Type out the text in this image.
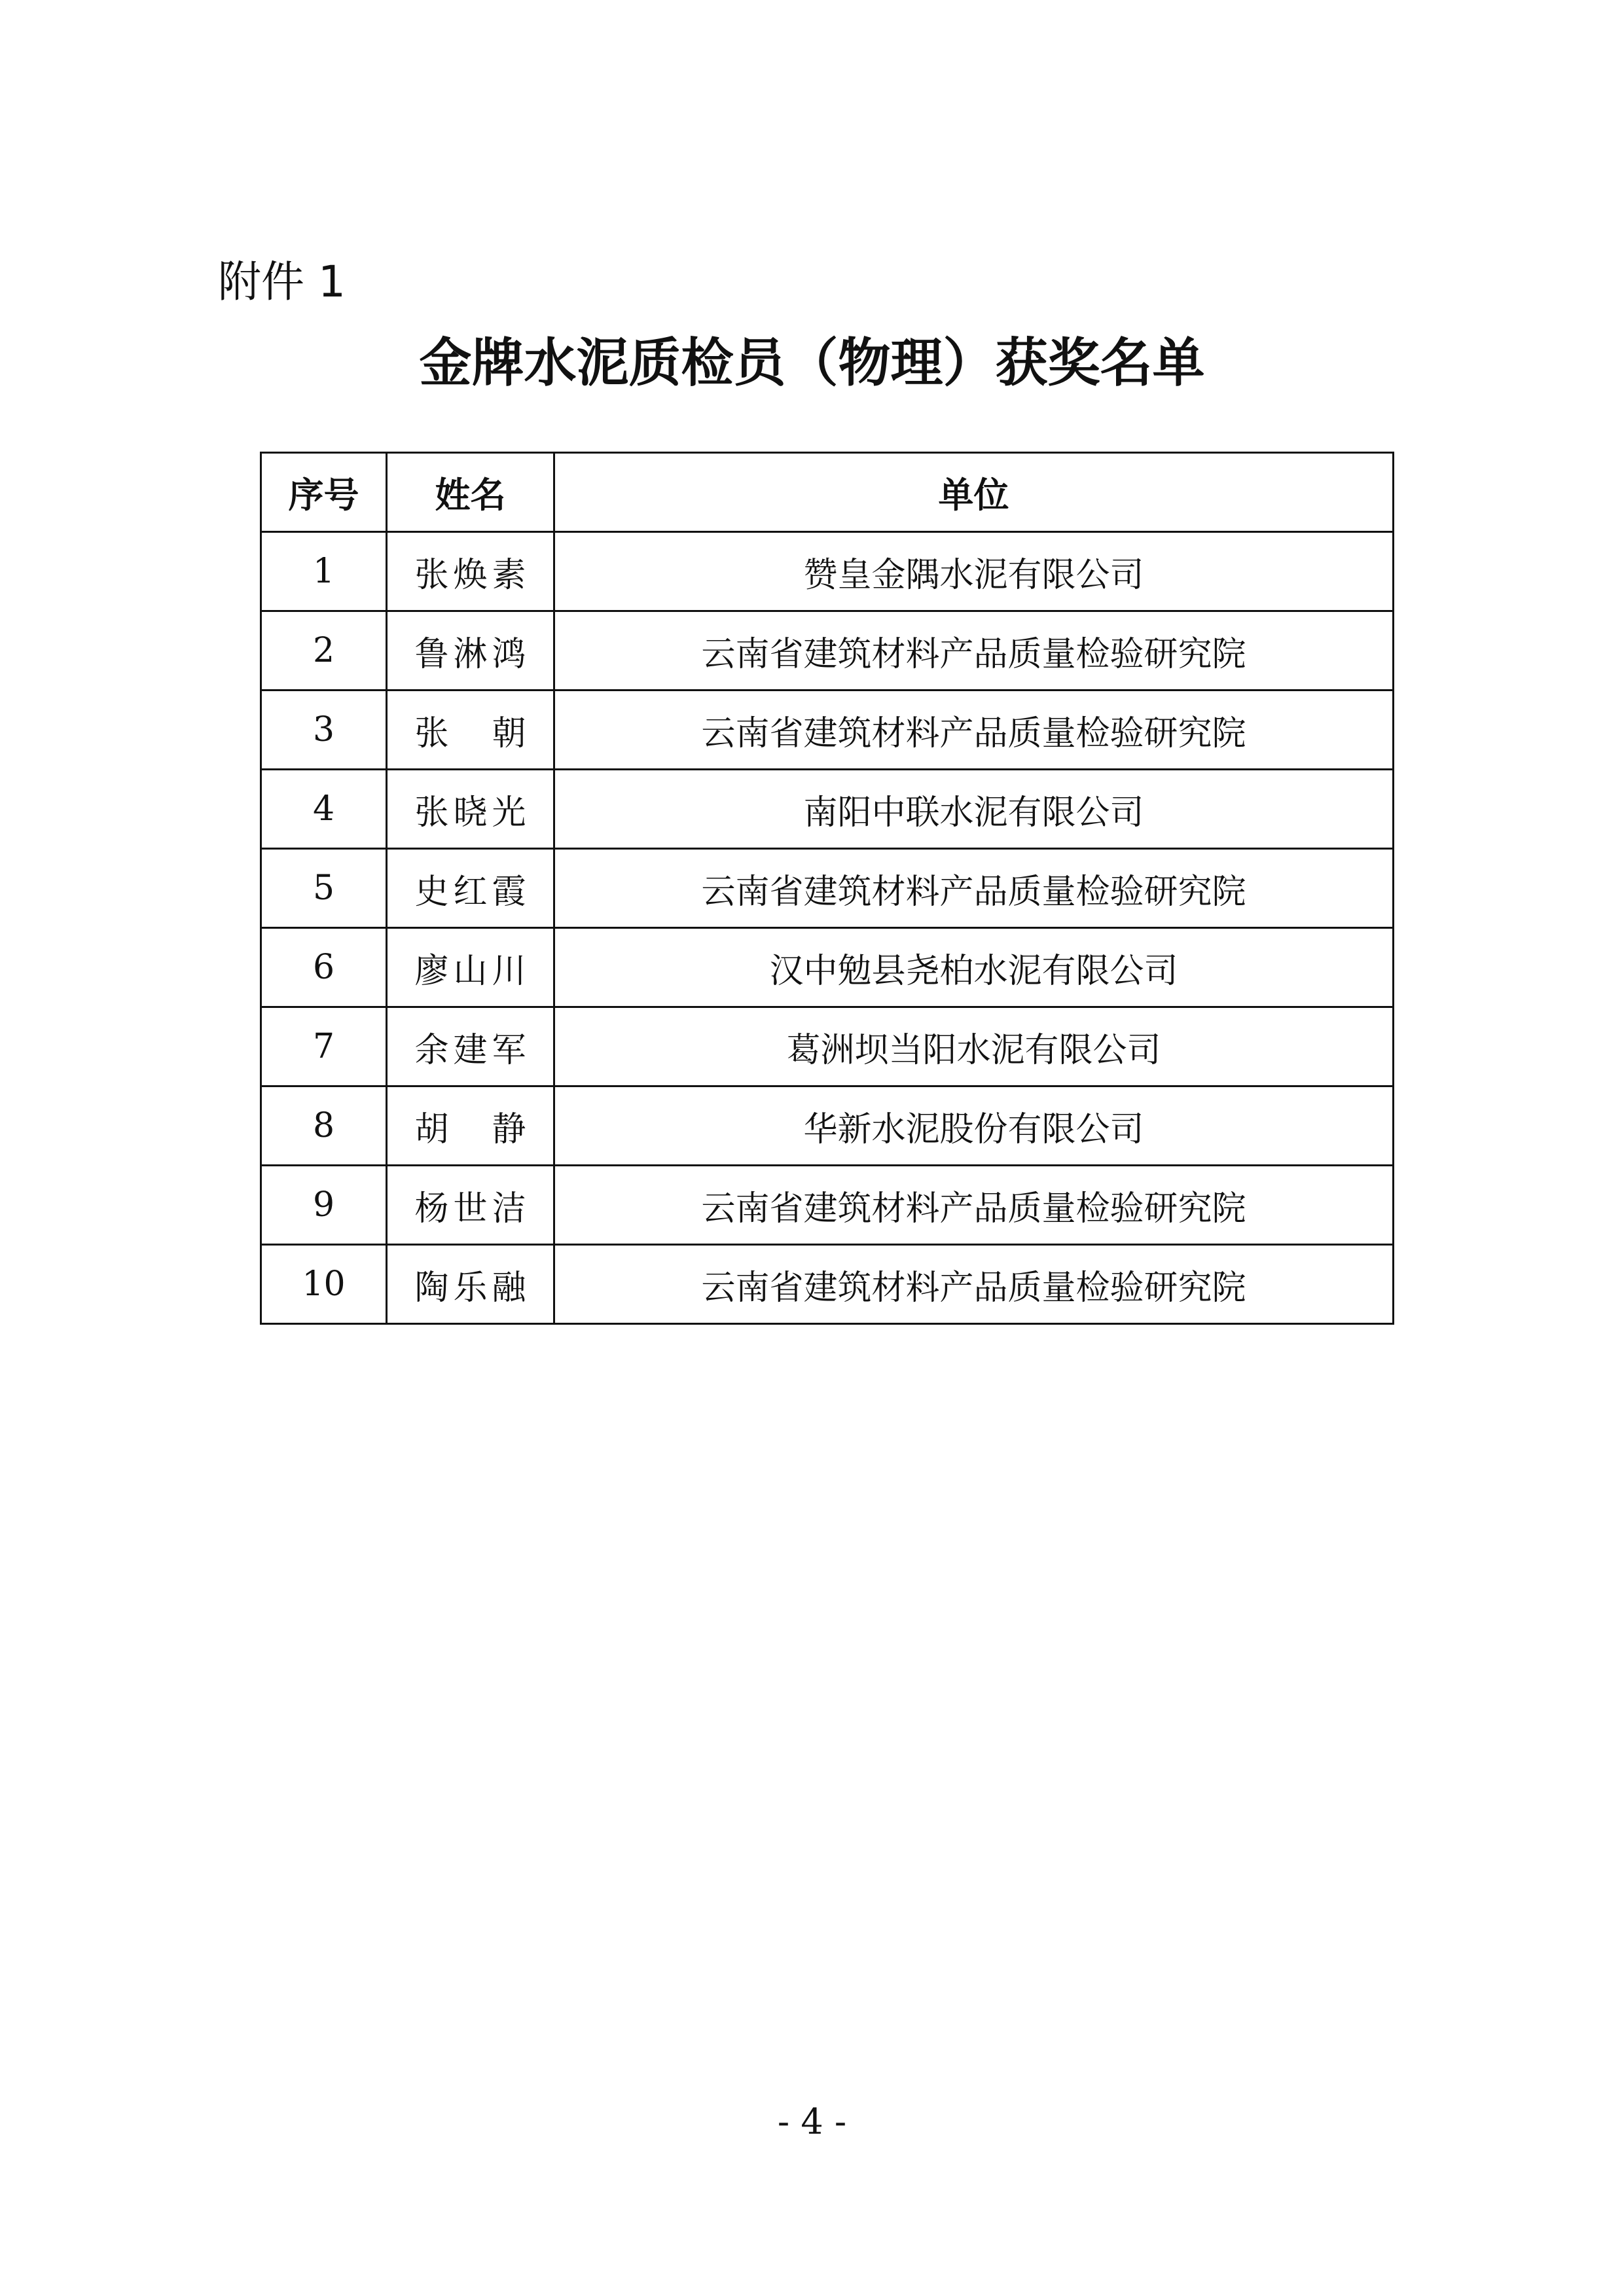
附件 1
金牌水泥质检员（物理）获奖名单
序号	姓名	单位
1	张焕素	赞皇金隅水泥有限公司
2	鲁淋鸿	云南省建筑材料产品质量检验研究院
3	张朝	云南省建筑材料产品质量检验研究院
4	张晓光	南阳中联水泥有限公司
5	史红霞	云南省建筑材料产品质量检验研究院
6	廖山川	汉中勉县尧柏水泥有限公司
7	余建军	葛洲坝当阳水泥有限公司
8	胡静	华新水泥股份有限公司
9	杨世洁	云南省建筑材料产品质量检验研究院
10	陶乐融	云南省建筑材料产品质量检验研究院
- 4 -
